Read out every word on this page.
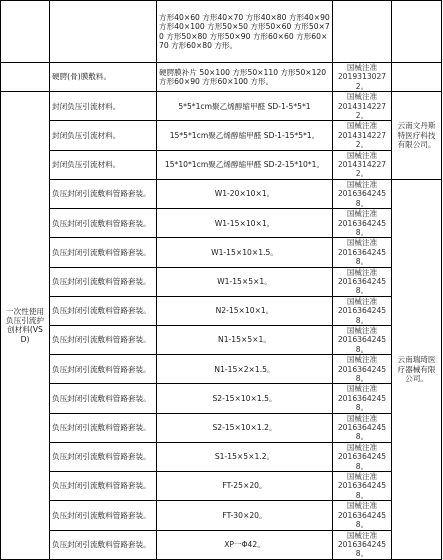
		方形40×60 方形40×70 方形40×80 方形40×90 方形40×100 方形50×50 方形50×60 方形50×70 方形50×80 方形50×90 方形60×60 方形60×70 方形60×80 方形。		
	硬腭(骨)膜敷料。	硬腭膜补片 50×100 方形50×110 方形50×120 方形60×90 方形60×100 方形。	国械注准
20193130272。	

一次性使用负压引流护创材料(VSD)	封闭负压引流材料。	5*5*1cm聚乙烯醇缩甲醛 SD-1-5*5*1	国械注准
20143142272。	云南文丹斯特医疗科技有限公司。
	封闭负压引流材料。	15*5*1cm聚乙烯醇缩甲醛 SD-1-15*5*1。	国械注准
20143142272。	

	封闭负压引流材料。	15*10*1cm聚乙烯醇缩甲醛 SD-2-15*10*1。	国械注准
20143142272。	

	负压封闭引流敷料管路套装。	W1-20×10×1。	国械注准
20163642458。	云南瑞琦医疗器械有限公司。
	负压封闭引流敷料管路套装。	W1-15×10×1。	国械注准
20163642458。	

	负压封闭引流敷料管路套装。	W1-15×10×1.5。	国械注准
20163642458。	

	负压封闭引流敷料管路套装。	W1-15×5×1。	国械注准
20163642458。	

	负压封闭引流敷料管路套装。	N2-15×10×1。	国械注准
20163642458。	

	负压封闭引流敷料管路套装。	N1-15×5×1。	国械注准
20163642458。	

	负压封闭引流敷料管路套装。	N1-15×2×1.5。	国械注准
20163642458。	

	负压封闭引流敷料管路套装。	S2-15×10×1.5。	国械注准
20163642458。	

	负压封闭引流敷料管路套装。	S2-15×10×1.2。	国械注准
20163642458。	

	负压封闭引流敷料管路套装。	S1-15×5×1.2。	国械注准
20163642458。	

	负压封闭引流敷料管路套装。	FT-25×20。	国械注准
20163642458。	

	负压封闭引流敷料管路套装。	FT-30×20。	国械注准
20163642458。	

	负压封闭引流敷料管路套装。	XP一Φ42。	国械注准
20163642458。	
